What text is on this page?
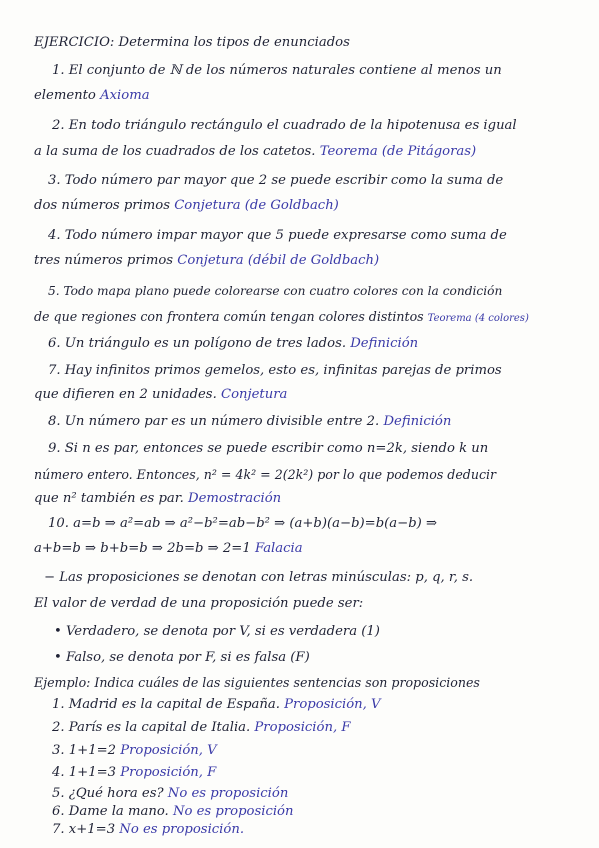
EJERCICIO: Determina los tipos de enunciados
1. El conjunto de ℕ de los números naturales contiene al menos un
elemento Axioma
2. En todo triángulo rectángulo el cuadrado de la hipotenusa es igual
a la suma de los cuadrados de los catetos. Teorema (de Pitágoras)
3. Todo número par mayor que 2 se puede escribir como la suma de
dos números primos Conjetura (de Goldbach)
4. Todo número impar mayor que 5 puede expresarse como suma de
tres números primos Conjetura (débil de Goldbach)
5. Todo mapa plano puede colorearse con cuatro colores con la condición
de que regiones con frontera común tengan colores distintos Teorema (4 colores)
6. Un triángulo es un polígono de tres lados. Definición
7. Hay infinitos primos gemelos, esto es, infinitas parejas de primos
que difieren en 2 unidades. Conjetura
8. Un número par es un número divisible entre 2. Definición
9. Si n es par, entonces se puede escribir como n=2k, siendo k un
número entero. Entonces, n² = 4k² = 2(2k²) por lo que podemos deducir
que n² también es par. Demostración
10. a=b ⇒ a²=ab ⇒ a²−b²=ab−b² ⇒ (a+b)(a−b)=b(a−b) ⇒
a+b=b ⇒ b+b=b ⇒ 2b=b ⇒ 2=1 Falacia
− Las proposiciones se denotan con letras minúsculas: p, q, r, s.
El valor de verdad de una proposición puede ser:
• Verdadero, se denota por V, si es verdadera (1)
• Falso, se denota por F, si es falsa (F)
Ejemplo: Indica cuáles de las siguientes sentencias son proposiciones
1. Madrid es la capital de España. Proposición, V
2. París es la capital de Italia. Proposición, F
3. 1+1=2 Proposición, V
4. 1+1=3 Proposición, F
5. ¿Qué hora es? No es proposición
6. Dame la mano. No es proposición
7. x+1=3 No es proposición.
